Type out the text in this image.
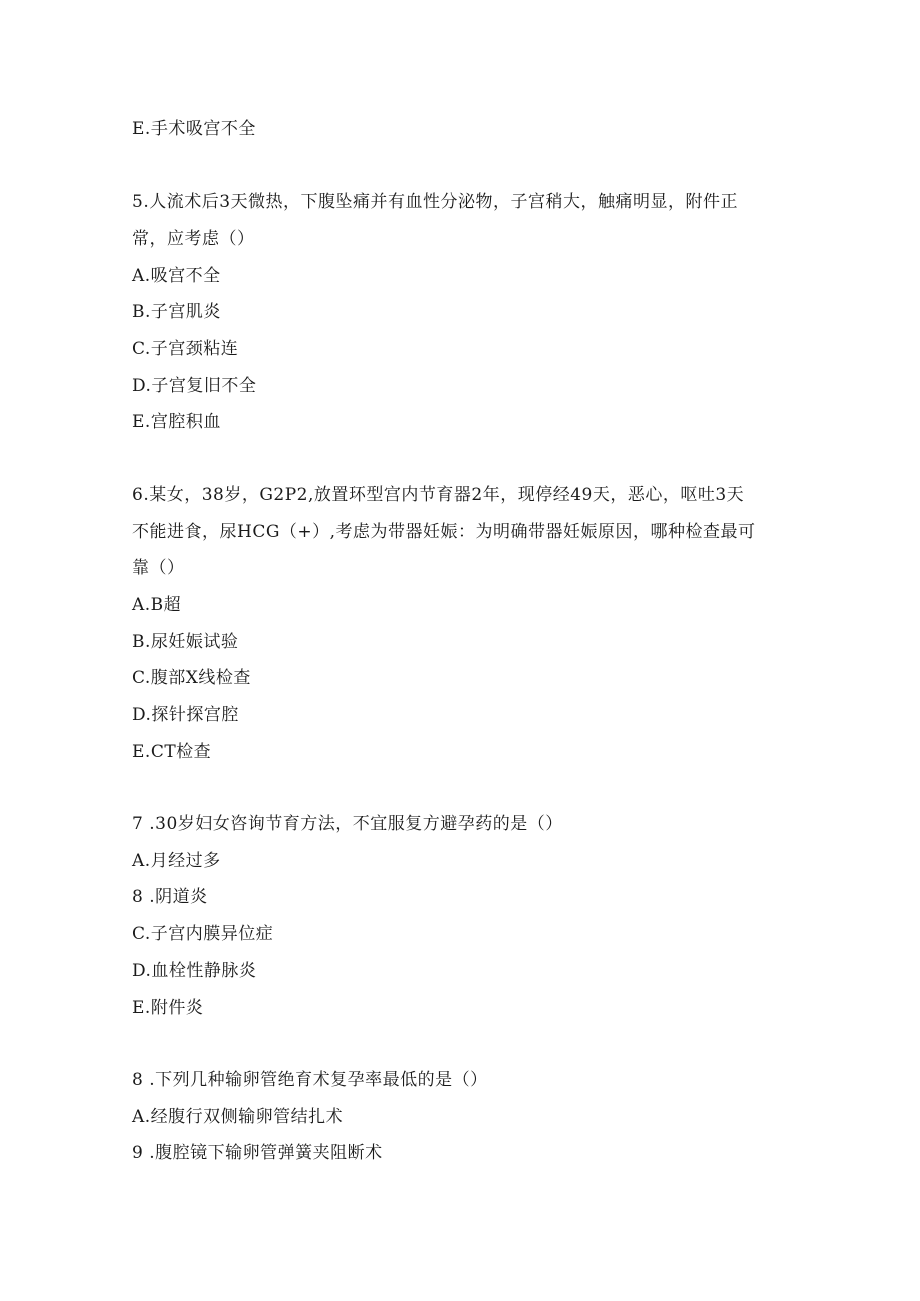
E.手术吸宫不全
5.人流术后3天微热，下腹坠痛并有血性分泌物，子宫稍大，触痛明显，附件正
常，应考虑（）
A.吸宫不全
B.子宫肌炎
C.子宫颈粘连
D.子宫复旧不全
E.宫腔积血
6.某女，38岁，G2P2,放置环型宫内节育器2年，现停经49天，恶心，呕吐3天
不能进食，尿HCG（+）,考虑为带器妊娠：为明确带器妊娠原因，哪种检查最可
靠（）
A.B超
B.尿妊娠试验
C.腹部X线检查
D.探针探宫腔
E.CT检查
7 .30岁妇女咨询节育方法，不宜服复方避孕药的是（）
A.月经过多
8 .阴道炎
C.子宫内膜异位症
D.血栓性静脉炎
E.附件炎
8 .下列几种输卵管绝育术复孕率最低的是（）
A.经腹行双侧输卵管结扎术
9 .腹腔镜下输卵管弹簧夹阻断术
